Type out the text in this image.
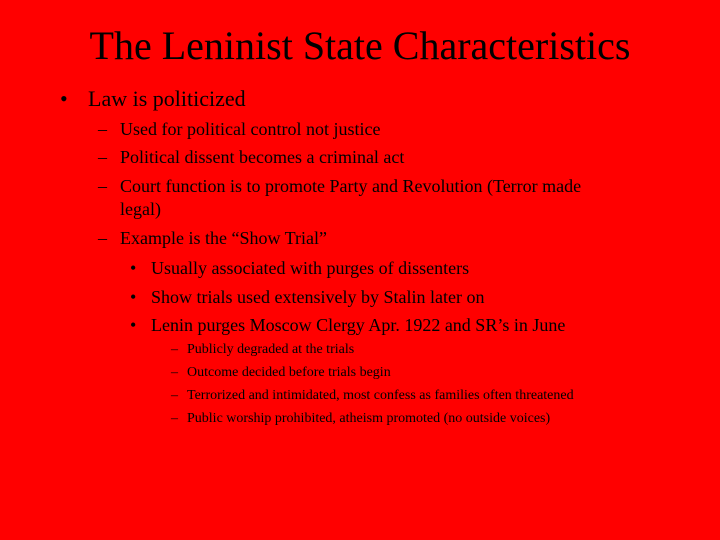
The Leninist State Characteristics
• Law is politicized
– Used for political control not justice
– Political dissent becomes a criminal act
– Court function is to promote Party and Revolution (Terror made
legal)
– Example is the “Show Trial”
• Usually associated with purges of dissenters
• Show trials used extensively by Stalin later on
• Lenin purges Moscow Clergy Apr. 1922 and SR’s in June
– Publicly degraded at the trials
– Outcome decided before trials begin
– Terrorized and intimidated, most confess as families often threatened
– Public worship prohibited, atheism promoted (no outside voices)
